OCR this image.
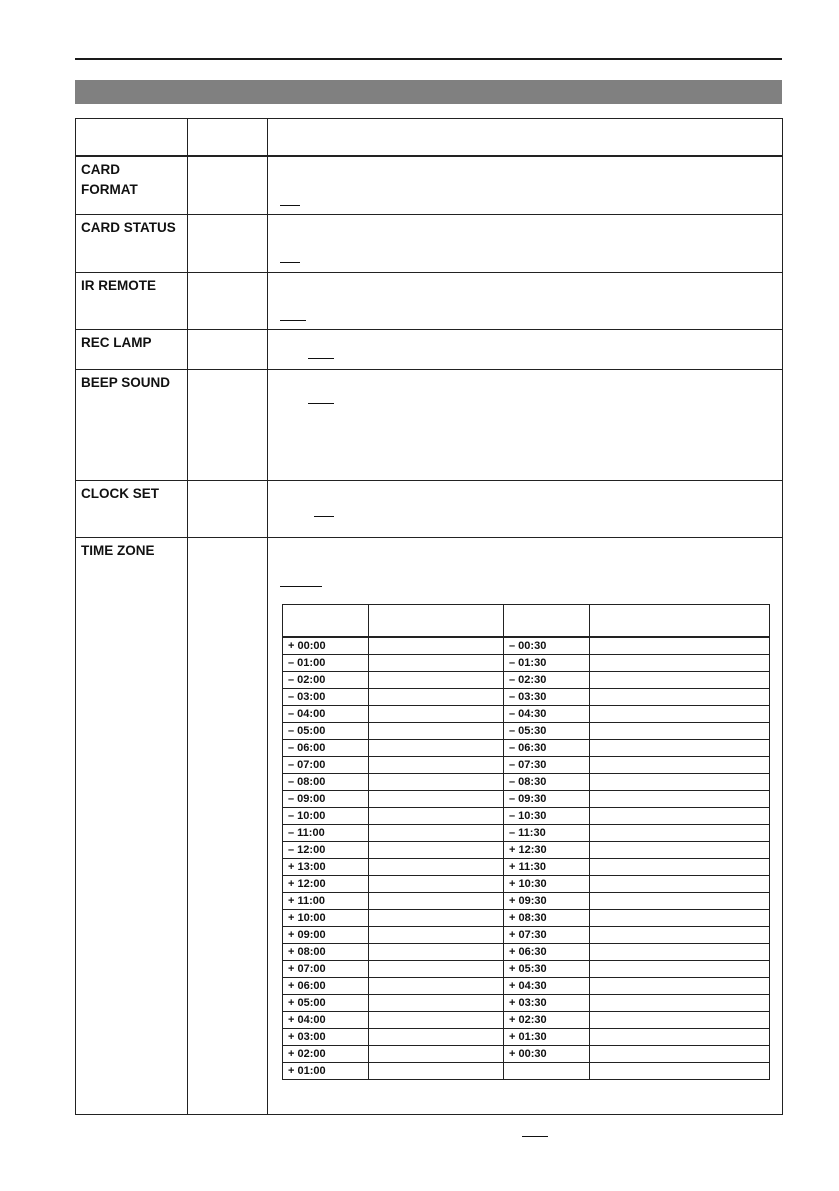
CARD
FORMAT
CARD STATUS
IR REMOTE
REC LAMP
BEEP SOUND
CLOCK SET
TIME ZONE

+ 00:00		– 00:30	
– 01:00		– 01:30	
– 02:00		– 02:30	
– 03:00		– 03:30	
– 04:00		– 04:30	
– 05:00		– 05:30	
– 06:00		– 06:30	
– 07:00		– 07:30	
– 08:00		– 08:30	
– 09:00		– 09:30	
– 10:00		– 10:30	
– 11:00		– 11:30	
– 12:00		+ 12:30	
+ 13:00		+ 11:30	
+ 12:00		+ 10:30	
+ 11:00		+ 09:30	
+ 10:00		+ 08:30	
+ 09:00		+ 07:30	
+ 08:00		+ 06:30	
+ 07:00		+ 05:30	
+ 06:00		+ 04:30	
+ 05:00		+ 03:30	
+ 04:00		+ 02:30	
+ 03:00		+ 01:30	
+ 02:00		+ 00:30	
+ 01:00			
